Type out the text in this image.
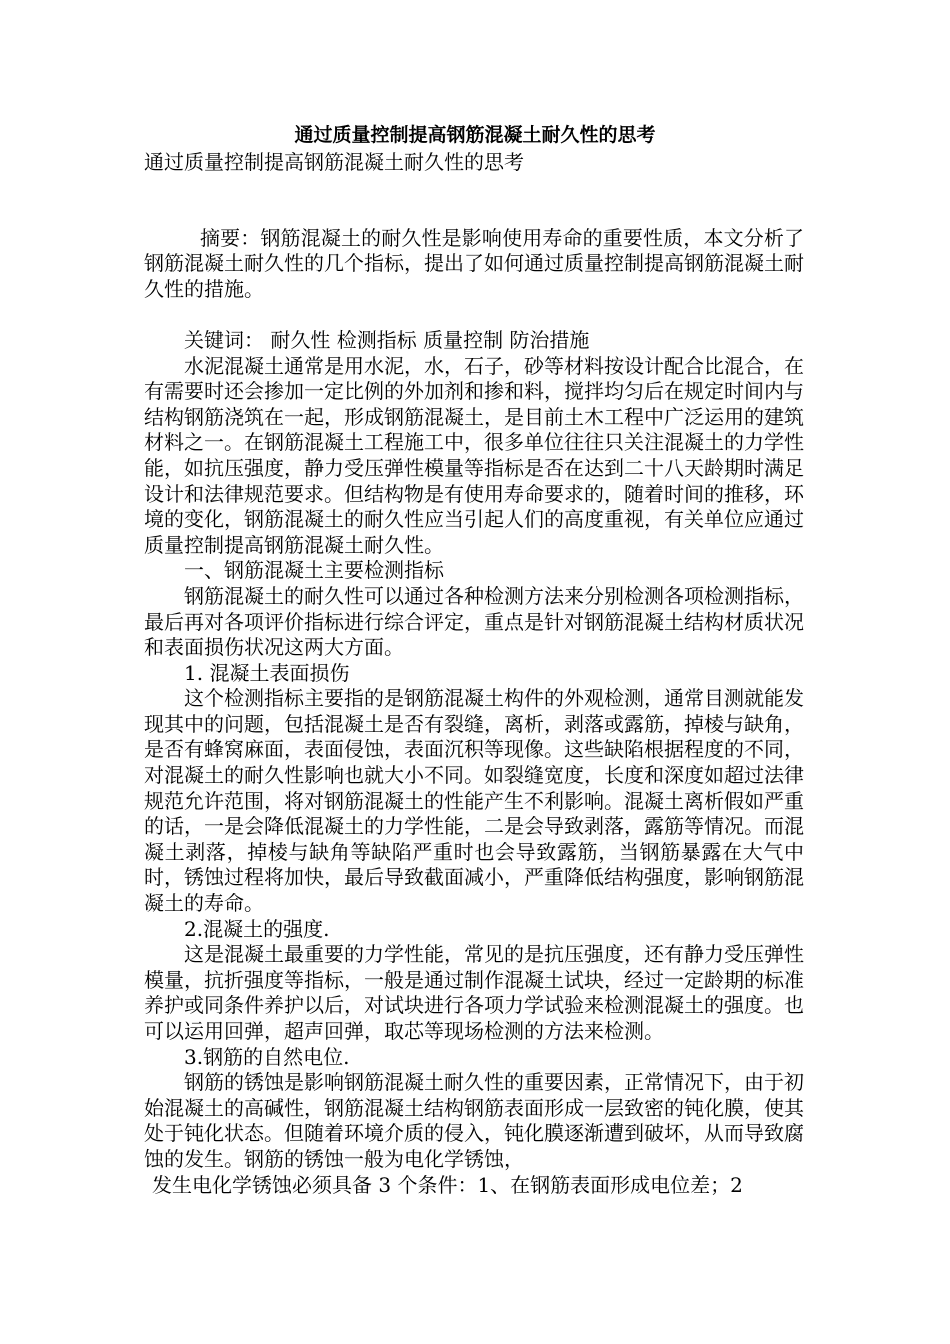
通过质量控制提高钢筋混凝土耐久性的思考
通过质量控制提高钢筋混凝土耐久性的思考

摘要：钢筋混凝土的耐久性是影响使用寿命的重要性质，本文分析了钢筋混凝土耐久性的几个指标，提出了如何通过质量控制提高钢筋混凝土耐久性的措施。

关键词： 耐久性 检测指标 质量控制 防治措施

水泥混凝土通常是用水泥，水，石子，砂等材料按设计配合比混合，在有需要时还会掺加一定比例的外加剂和掺和料，搅拌均匀后在规定时间内与结构钢筋浇筑在一起，形成钢筋混凝土，是目前土木工程中广泛运用的建筑材料之一。在钢筋混凝土工程施工中，很多单位往往只关注混凝土的力学性能，如抗压强度，静力受压弹性模量等指标是否在达到二十八天龄期时满足设计和法律规范要求。但结构物是有使用寿命要求的，随着时间的推移，环境的变化，钢筋混凝土的耐久性应当引起人们的高度重视，有关单位应通过质量控制提高钢筋混凝土耐久性。

一、钢筋混凝土主要检测指标

钢筋混凝土的耐久性可以通过各种检测方法来分别检测各项检测指标，最后再对各项评价指标进行综合评定，重点是针对钢筋混凝土结构材质状况和表面损伤状况这两大方面。

1. 混凝土表面损伤

这个检测指标主要指的是钢筋混凝土构件的外观检测，通常目测就能发现其中的问题，包括混凝土是否有裂缝，离析，剥落或露筋，掉棱与缺角，是否有蜂窝麻面，表面侵蚀，表面沉积等现像。这些缺陷根据程度的不同，对混凝土的耐久性影响也就大小不同。如裂缝宽度，长度和深度如超过法律规范允许范围，将对钢筋混凝土的性能产生不利影响。混凝土离析假如严重的话，一是会降低混凝土的力学性能，二是会导致剥落，露筋等情况。而混凝土剥落，掉棱与缺角等缺陷严重时也会导致露筋，当钢筋暴露在大气中时，锈蚀过程将加快，最后导致截面减小，严重降低结构强度，影响钢筋混凝土的寿命。

2.混凝土的强度.

这是混凝土最重要的力学性能，常见的是抗压强度，还有静力受压弹性模量，抗折强度等指标，一般是通过制作混凝土试块，经过一定龄期的标准养护或同条件养护以后，对试块进行各项力学试验来检测混凝土的强度。也可以运用回弹，超声回弹，取芯等现场检测的方法来检测。

3.钢筋的自然电位.

钢筋的锈蚀是影响钢筋混凝土耐久性的重要因素，正常情况下，由于初始混凝土的高碱性，钢筋混凝土结构钢筋表面形成一层致密的钝化膜，使其处于钝化状态。但随着环境介质的侵入，钝化膜逐渐遭到破坏，从而导致腐蚀的发生。钢筋的锈蚀一般为电化学锈蚀，

发生电化学锈蚀必须具备 3 个条件：1、在钢筋表面形成电位差；2
